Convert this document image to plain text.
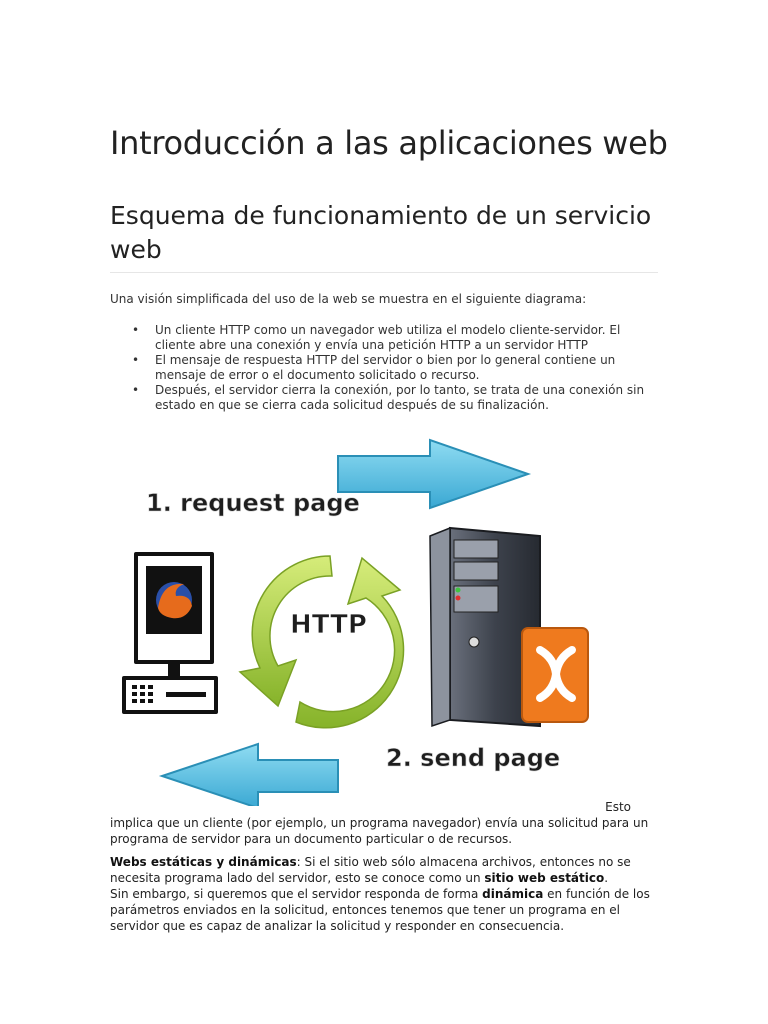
Introducción a las aplicaciones web
Esquema de funcionamiento de un servicio web

Una visión simplificada del uso de la web se muestra en el siguiente diagrama:

• Un cliente HTTP como un navegador web utiliza el modelo cliente-servidor. El cliente abre una conexión y envía una petición HTTP a un servidor HTTP
• El mensaje de respuesta HTTP del servidor o bien por lo general contiene un mensaje de error o el documento solicitado o recurso.
• Después, el servidor cierra la conexión, por lo tanto, se trata de una conexión sin estado en que se cierra cada solicitud después de su finalización.

Esto
implica que un cliente (por ejemplo, un programa navegador) envía una solicitud para un programa de servidor para un documento particular o de recursos.

Webs estáticas y dinámicas: Si el sitio web sólo almacena archivos, entonces no se necesita programa lado del servidor, esto se conoce como un sitio web estático.
Sin embargo, si queremos que el servidor responda de forma dinámica en función de los parámetros enviados en la solicitud, entonces tenemos que tener un programa en el servidor que es capaz de analizar la solicitud y responder en consecuencia.

1. request page
HTTP
2. send page
